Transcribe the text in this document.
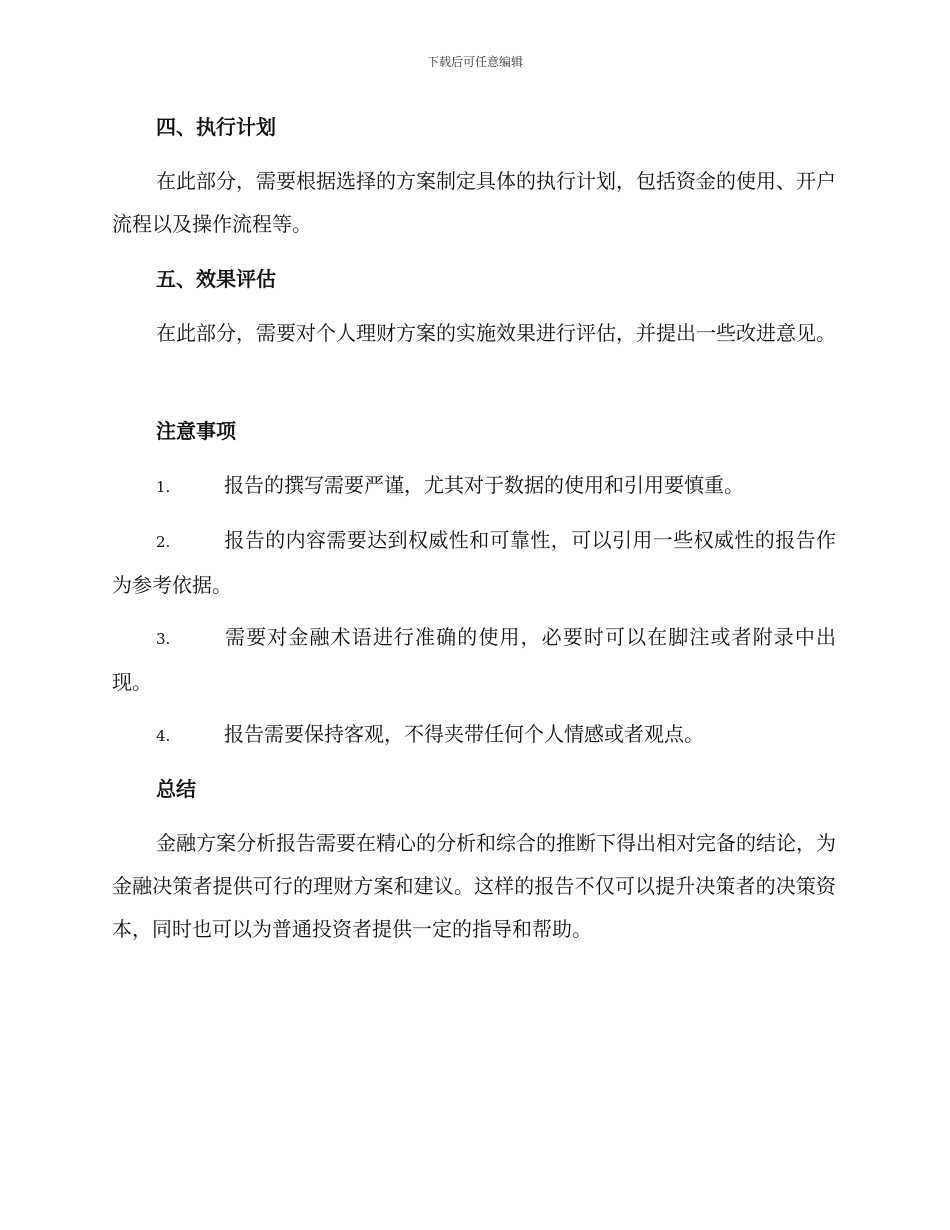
下载后可任意编辑
四、执行计划
在此部分，需要根据选择的方案制定具体的执行计划，包括资金的使用、开户流程以及操作流程等。
五、效果评估
在此部分，需要对个人理财方案的实施效果进行评估，并提出一些改进意见。
注意事项
1.	报告的撰写需要严谨，尤其对于数据的使用和引用要慎重。
2.	报告的内容需要达到权威性和可靠性，可以引用一些权威性的报告作为参考依据。
3.	需要对金融术语进行准确的使用，必要时可以在脚注或者附录中出现。
4.	报告需要保持客观，不得夹带任何个人情感或者观点。
总结
金融方案分析报告需要在精心的分析和综合的推断下得出相对完备的结论，为金融决策者提供可行的理财方案和建议。这样的报告不仅可以提升决策者的决策资本，同时也可以为普通投资者提供一定的指导和帮助。
